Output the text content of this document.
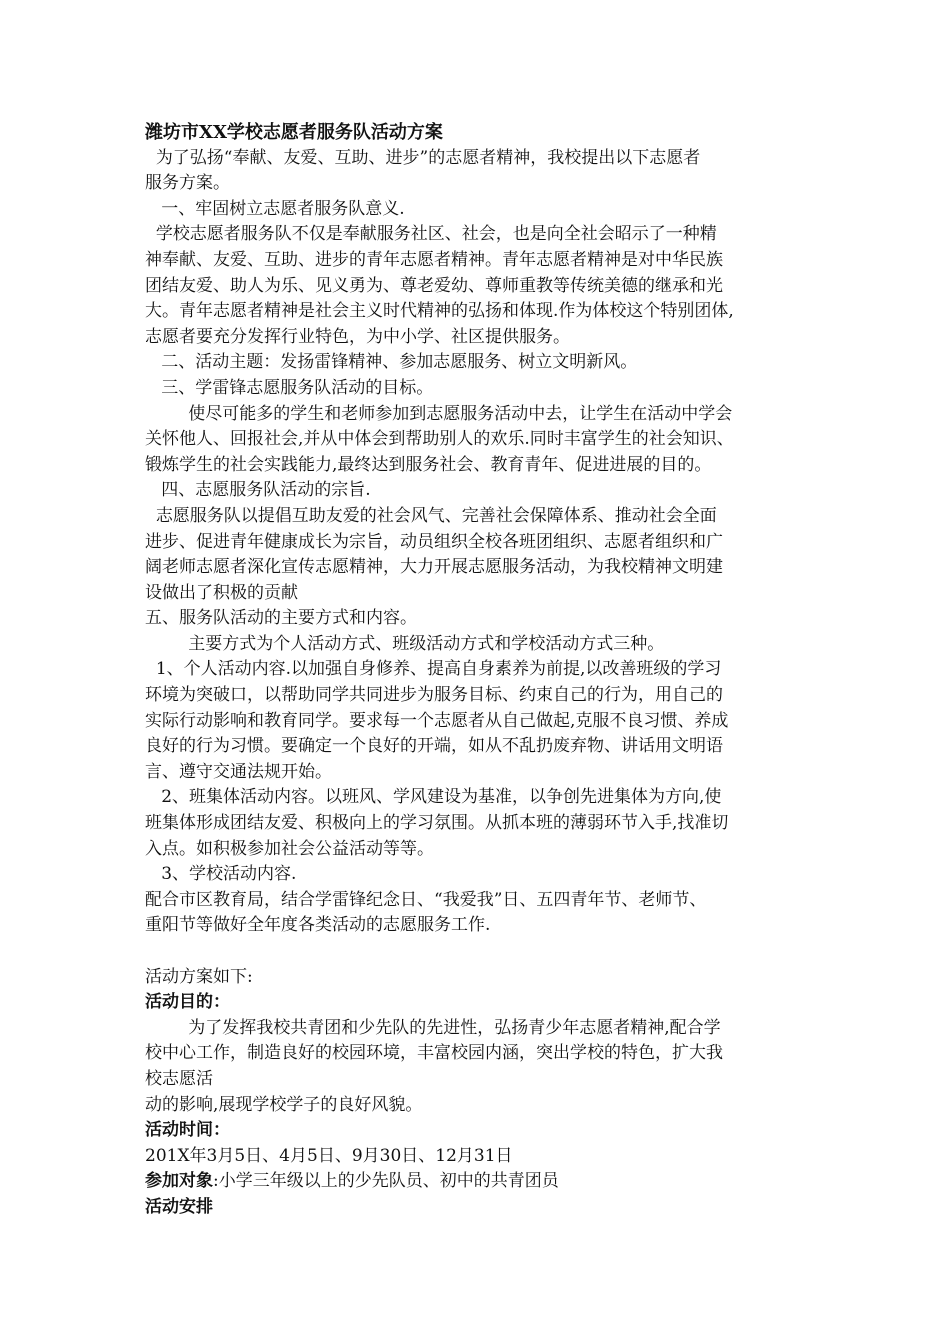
潍坊市XX学校志愿者服务队活动方案
为了弘扬“奉献、友爱、互助、进步”的志愿者精神，我校提出以下志愿者
服务方案。
一、牢固树立志愿者服务队意义.
学校志愿者服务队不仅是奉献服务社区、社会，也是向全社会昭示了一种精
神奉献、友爱、互助、进步的青年志愿者精神。青年志愿者精神是对中华民族
团结友爱、助人为乐、见义勇为、尊老爱幼、尊师重教等传统美德的继承和光
大。青年志愿者精神是社会主义时代精神的弘扬和体现.作为体校这个特别团体,
志愿者要充分发挥行业特色，为中小学、社区提供服务。
二、活动主题：发扬雷锋精神、参加志愿服务、树立文明新风。
三、学雷锋志愿服务队活动的目标。
使尽可能多的学生和老师参加到志愿服务活动中去，让学生在活动中学会
关怀他人、回报社会,并从中体会到帮助别人的欢乐.同时丰富学生的社会知识、
锻炼学生的社会实践能力,最终达到服务社会、教育青年、促进进展的目的。
四、志愿服务队活动的宗旨.
志愿服务队以提倡互助友爱的社会风气、完善社会保障体系、推动社会全面
进步、促进青年健康成长为宗旨，动员组织全校各班团组织、志愿者组织和广
阔老师志愿者深化宣传志愿精神，大力开展志愿服务活动，为我校精神文明建
设做出了积极的贡献
五、服务队活动的主要方式和内容。
主要方式为个人活动方式、班级活动方式和学校活动方式三种。
1、个人活动内容.以加强自身修养、提高自身素养为前提,以改善班级的学习
环境为突破口，以帮助同学共同进步为服务目标、约束自己的行为，用自己的
实际行动影响和教育同学。要求每一个志愿者从自己做起,克服不良习惯、养成
良好的行为习惯。要确定一个良好的开端，如从不乱扔废弃物、讲话用文明语
言、遵守交通法规开始。
2、班集体活动内容。以班风、学风建设为基准，以争创先进集体为方向,使
班集体形成团结友爱、积极向上的学习氛围。从抓本班的薄弱环节入手,找准切
入点。如积极参加社会公益活动等等。
3、学校活动内容.
配合市区教育局，结合学雷锋纪念日、“我爱我”日、五四青年节、老师节、
重阳节等做好全年度各类活动的志愿服务工作.
活动方案如下:
活动目的：
为了发挥我校共青团和少先队的先进性，弘扬青少年志愿者精神,配合学
校中心工作，制造良好的校园环境，丰富校园内涵，突出学校的特色，扩大我
校志愿活
动的影响,展现学校学子的良好风貌。
活动时间：
201X年3月5日、4月5日、9月30日、12月31日
参加对象:小学三年级以上的少先队员、初中的共青团员
活动安排
